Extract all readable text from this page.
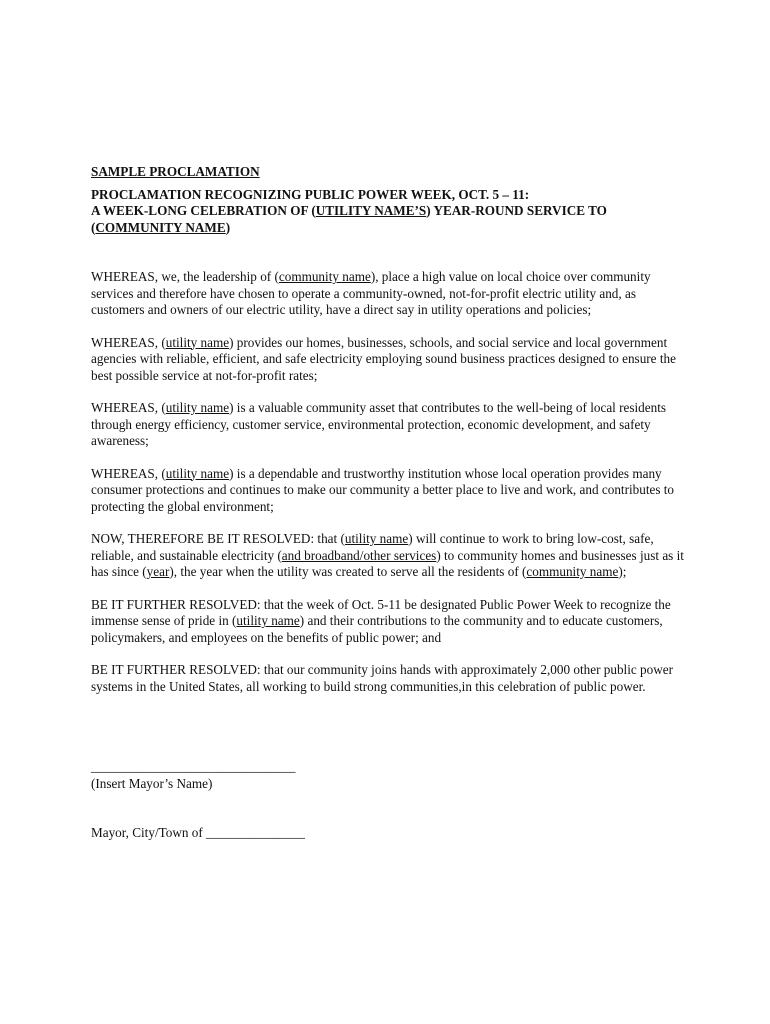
SAMPLE PROCLAMATION

PROCLAMATION RECOGNIZING PUBLIC POWER WEEK, OCT. 5 – 11:
A WEEK-LONG CELEBRATION OF (UTILITY NAME’S) YEAR-ROUND SERVICE TO
(COMMUNITY NAME)

WHEREAS, we, the leadership of (community name), place a high value on local choice over community services and therefore have chosen to operate a community-owned, not-for-profit electric utility and, as customers and owners of our electric utility, have a direct say in utility operations and policies;

WHEREAS, (utility name) provides our homes, businesses, schools, and social service and local government agencies with reliable, efficient, and safe electricity employing sound business practices designed to ensure the best possible service at not-for-profit rates;

WHEREAS, (utility name) is a valuable community asset that contributes to the well-being of local residents through energy efficiency, customer service, environmental protection, economic development, and safety awareness;

WHEREAS, (utility name) is a dependable and trustworthy institution whose local operation provides many consumer protections and continues to make our community a better place to live and work, and contributes to protecting the global environment;

NOW, THEREFORE BE IT RESOLVED: that (utility name) will continue to work to bring low-cost, safe, reliable, and sustainable electricity (and broadband/other services) to community homes and businesses just as it has since (year), the year when the utility was created to serve all the residents of (community name);

BE IT FURTHER RESOLVED: that the week of Oct. 5-11 be designated Public Power Week to recognize the immense sense of pride in (utility name) and their contributions to the community and to educate customers, policymakers, and employees on the benefits of public power; and

BE IT FURTHER RESOLVED: that our community joins hands with approximately 2,000 other public power systems in the United States, all working to build strong communities,in this celebration of public power.

_______________________________

(Insert Mayor’s Name)

Mayor, City/Town of _______________
